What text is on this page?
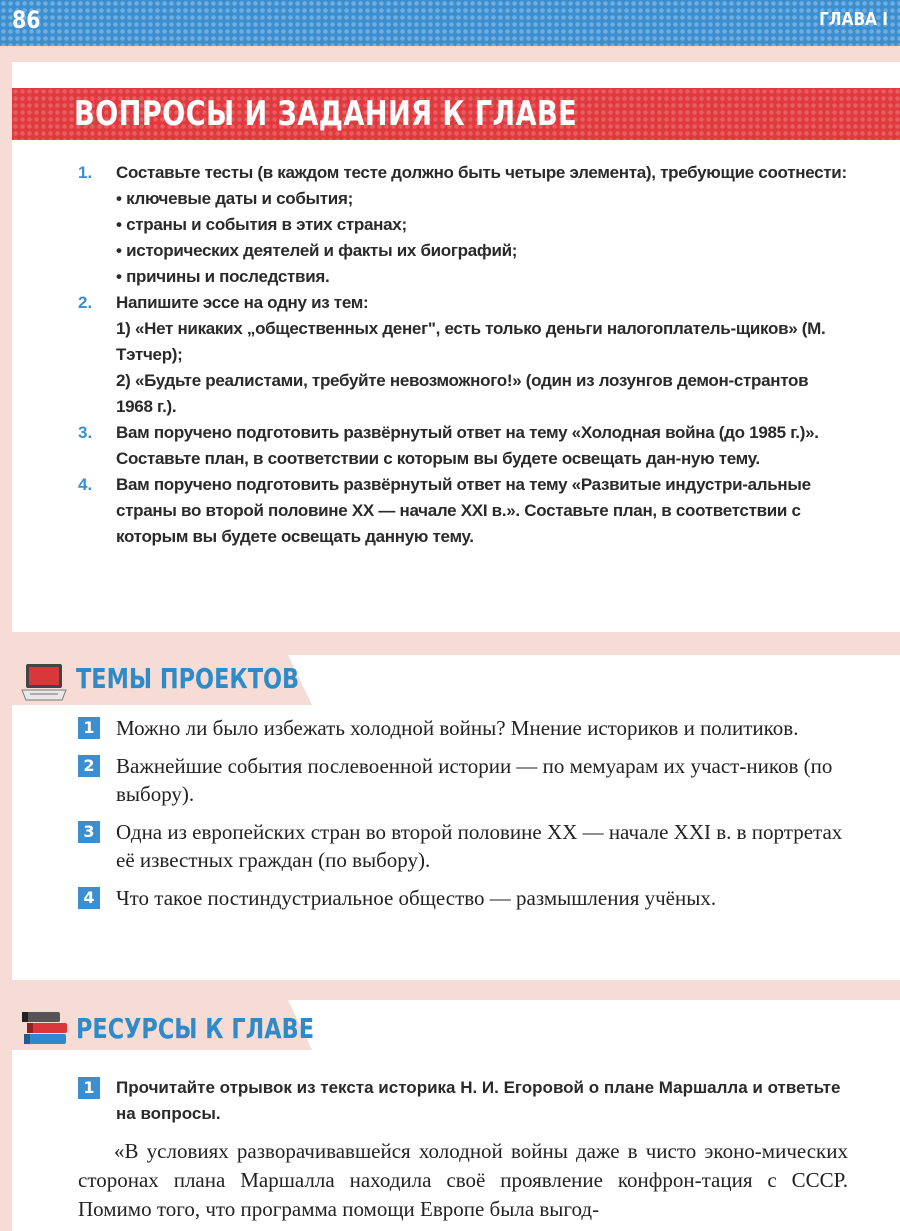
86	ГЛАВА I
ВОПРОСЫ И ЗАДАНИЯ К ГЛАВЕ
1. Составьте тесты (в каждом тесте должно быть четыре элемента), требующие соотнести:
• ключевые даты и события;
• страны и события в этих странах;
• исторических деятелей и факты их биографий;
• причины и последствия.
2. Напишите эссе на одну из тем:
1) «Нет никаких „общественных денег", есть только деньги налогоплатель-щиков» (М. Тэтчер);
2) «Будьте реалистами, требуйте невозможного!» (один из лозунгов демон-странтов 1968 г.).
3. Вам поручено подготовить развёрнутый ответ на тему «Холодная война (до 1985 г.)». Составьте план, в соответствии с которым вы будете освещать дан-ную тему.
4. Вам поручено подготовить развёрнутый ответ на тему «Развитые индустри-альные страны во второй половине XX — начале XXI в.». Составьте план, в соответствии с которым вы будете освещать данную тему.
ТЕМЫ ПРОЕКТОВ
1 Можно ли было избежать холодной войны? Мнение историков и политиков.
2 Важнейшие события послевоенной истории — по мемуарам их участ-ников (по выбору).
3 Одна из европейских стран во второй половине XX — начале XXI в. в портретах её известных граждан (по выбору).
4 Что такое постиндустриальное общество — размышления учёных.
РЕСУРСЫ К ГЛАВЕ
1	Прочитайте отрывок из текста историка Н. И. Егоровой о плане Маршалла и ответьте на вопросы.
«В условиях разворачивавшейся холодной войны даже в чисто эконо-мических сторонах плана Маршалла находила своё проявление конфрон-тация с СССР. Помимо того, что программа помощи Европе была выгод-
